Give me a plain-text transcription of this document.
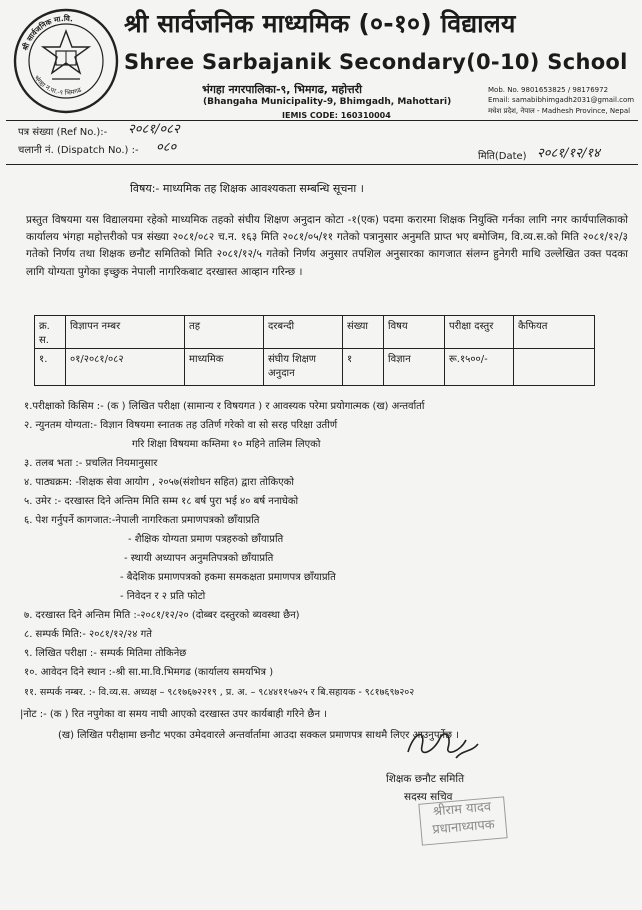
श्री सार्वजनिक मा.वि.
भंगहा न.पा.-९ भिमगढ
श्री सार्वजनिक माध्यमिक (०-१०) विद्यालय
Shree Sarbajanik Secondary(0-10) School
भंगहा नगरपालिका-९, भिमगढ, महोत्तरी
(Bhangaha Municipality-9, Bhimgadh, Mahottari)
IEMIS CODE: 160310004
Mob. No. 9801653825 / 98176972
Email: samabibhimgadh2031@gmail.com
मधेश प्रदेश, नेपाल - Madhesh Province, Nepal
पत्र संख्या (Ref No.):- २०८१/०८२
चलानी नं. (Dispatch No.) :- ०८०
मिति(Date) २०८१/१२/१४
विषय:- माध्यमिक तह शिक्षक आवश्यकता सम्बन्धि सूचना ।
प्रस्तुत विषयमा यस विद्यालयमा रहेको माध्यमिक तहको संघीय शिक्षण अनुदान कोटा -१(एक) पदमा करारमा शिक्षक नियुक्ति गर्नका लागि नगर कार्यपालिकाको कार्यालय भंगहा महोत्तरीको पत्र संख्या २०८१/०८२ च.न. १६३ मिति २०८१/०५/११ गतेको पत्रानुसार अनुमति प्राप्त भए बमोजिम, वि.व्य.स.को मिति २०८१/१२/३ गतेको निर्णय तथा शिक्षक छनौट समितिको मिति २०८१/१२/५ गतेको निर्णय अनुसार तपशिल अनुसारका कागजात संलग्न हुनेगरी माथि उल्लेखित उक्त पदका लागि योग्यता पुगेका इच्छुक नेपाली नागरिकबाट दरखास्त आव्हान गरिन्छ ।
क्र. स.	विज्ञापन नम्बर	तह	दरबन्दी	संख्या	विषय	परीक्षा दस्तुर	कैफियत
१.	०१/२०८१/०८२	माध्यमिक	संघीय शिक्षण अनुदान	१	विज्ञान	रू.१५००/-	
१.परीक्षाको किसिम :- (क ) लिखित परीक्षा (सामान्य र विषयगत ) र आवस्यक परेमा प्रयोगात्मक (ख) अन्तर्वार्ता
२. न्युनतम योग्यता:- विज्ञान विषयमा स्नातक तह उतिर्ण गरेको वा सो सरह परिक्षा उतीर्ण
गरि शिक्षा विषयमा कम्तिमा १० महिने तालिम लिएको
३. तलब भता :- प्रचलित नियमानुसार
४. पाठ्यक्रम: -शिक्षक सेवा आयोग , २०५७(संशोधन सहित) द्वारा तोकिएको
५. उमेर :- दरखास्त दिने अन्तिम मिति सम्म १८ बर्ष पुरा भई ४० बर्ष ननाघेको
६. पेश गर्नुपर्ने कागजात:-नेपाली नागरिकता प्रमाणपत्रको छाँयाप्रति
- शैक्षिक योग्यता प्रमाण पत्रहरुको छाँयाप्रति
- स्थायी अध्यापन अनुमतिपत्रको छाँयाप्रति
- बैदेशिक प्रमाणपत्रको हकमा समकक्षता प्रमाणपत्र छाँयाप्रति
- निवेदन र २ प्रति फोटो
७. दरखास्त दिने अन्तिम मिति :-२०८१/१२/२० (दोब्बर दस्तुरको ब्यवस्था छैन)
८. सम्पर्क मिति:- २०८१/१२/२४ गते
९. लिखित परीक्षा :- सम्पर्क मितिमा तोकिनेछ
१०. आवेदन दिने स्थान :-श्री सा.मा.वि.भिमगढ (कार्यालय समयभित्र )
११. सम्पर्क नम्बर. :- वि.व्य.स. अध्यक्ष – ९८१७६७२२१९ , प्र. अ. – ९८४४११५७२५ र बि.सहायक - ९८१७६९७२०२
|नोट :- (क ) रित नपुगेका वा समय नाघी आएको दरखास्त उपर कार्यबाही गरिने छैन ।
(ख) लिखित परीक्षामा छनौट भएका उमेदवारले अन्तर्वार्तामा आउदा सक्कल प्रमाणपत्र साथमै लिएर आउनुपर्नेछ ।
शिक्षक छनौट समिति
सदस्य सचिव
श्रीराम यादव
प्रधानाध्यापक
